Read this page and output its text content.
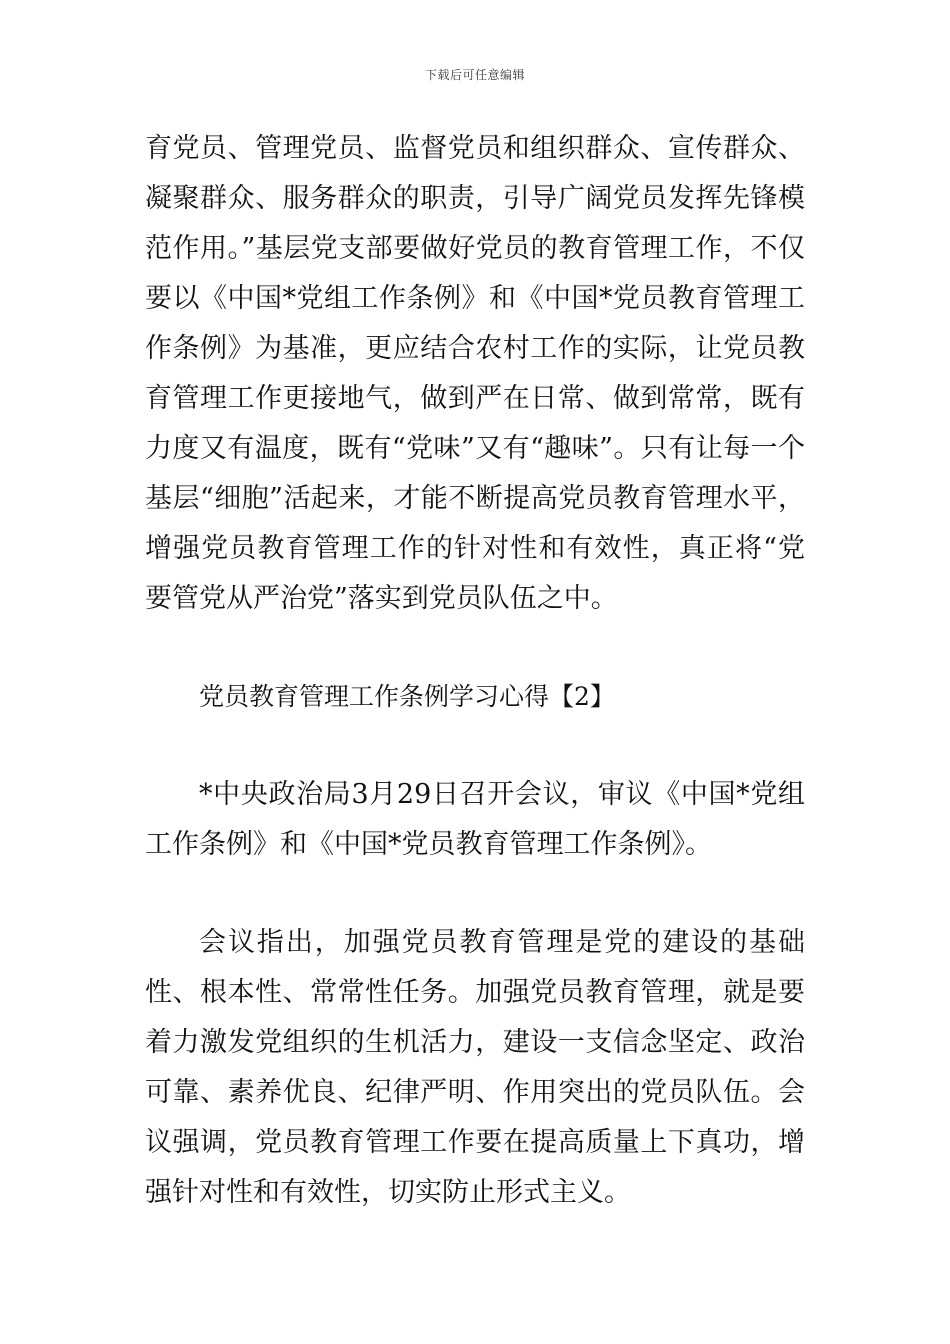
下载后可任意编辑

育党员、管理党员、监督党员和组织群众、宣传群众、凝聚群众、服务群众的职责，引导广阔党员发挥先锋模范作用。”基层党支部要做好党员的教育管理工作，不仅要以《中国*党组工作条例》和《中国*党员教育管理工作条例》为基准，更应结合农村工作的实际，让党员教育管理工作更接地气，做到严在日常、做到常常，既有力度又有温度，既有“党味”又有“趣味”。只有让每一个基层“细胞”活起来，才能不断提高党员教育管理水平，增强党员教育管理工作的针对性和有效性，真正将“党要管党从严治党”落实到党员队伍之中。

党员教育管理工作条例学习心得【2】

*中央政治局3月29日召开会议，审议《中国*党组工作条例》和《中国*党员教育管理工作条例》。

会议指出，加强党员教育管理是党的建设的基础性、根本性、常常性任务。加强党员教育管理，就是要着力激发党组织的生机活力，建设一支信念坚定、政治可靠、素养优良、纪律严明、作用突出的党员队伍。会议强调，党员教育管理工作要在提高质量上下真功，增强针对性和有效性，切实防止形式主义。
